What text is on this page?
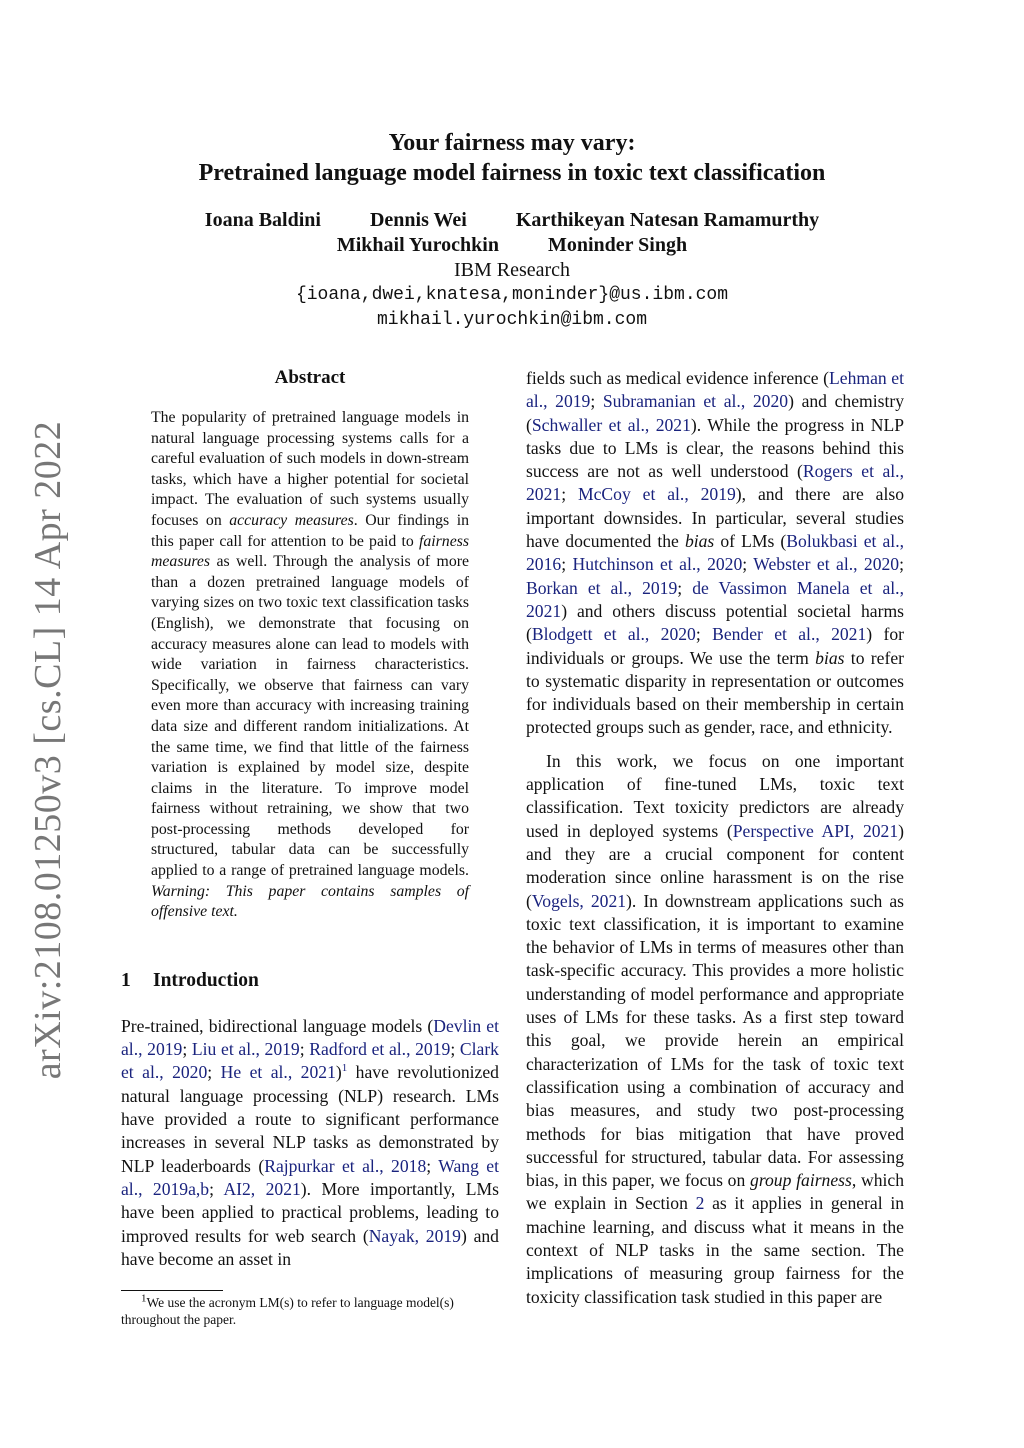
arXiv:2108.01250v3 [cs.CL] 14 Apr 2022
Your fairness may vary:
Pretrained language model fairness in toxic text classification
Ioana Baldini Dennis Wei Karthikeyan Natesan Ramamurthy
Mikhail Yurochkin Moninder Singh
IBM Research
{ioana,dwei,knatesa,moninder}@us.ibm.com
mikhail.yurochkin@ibm.com
Abstract
The popularity of pretrained language models in natural language processing systems calls for a careful evaluation of such models in down-stream tasks, which have a higher potential for societal impact. The evaluation of such systems usually focuses on accuracy measures. Our findings in this paper call for attention to be paid to fairness measures as well. Through the analysis of more than a dozen pretrained language models of varying sizes on two toxic text classification tasks (English), we demonstrate that focusing on accuracy measures alone can lead to models with wide variation in fairness characteristics. Specifically, we observe that fairness can vary even more than accuracy with increasing training data size and different random initializations. At the same time, we find that little of the fairness variation is explained by model size, despite claims in the literature. To improve model fairness without retraining, we show that two post-processing methods developed for structured, tabular data can be successfully applied to a range of pretrained language models. Warning: This paper contains samples of offensive text.
1 Introduction

Pre-trained, bidirectional language models (Devlin et al., 2019; Liu et al., 2019; Radford et al., 2019; Clark et al., 2020; He et al., 2021)$^1$ have revolutionized natural language processing (NLP) research. LMs have provided a route to significant performance increases in several NLP tasks as demonstrated by NLP leaderboards (Rajpurkar et al., 2018; Wang et al., 2019a,b; AI2, 2021). More importantly, LMs have been applied to practical problems, leading to improved results for web search (Nayak, 2019) and have become an asset in

$^1$We use the acronym LM(s) to refer to language model(s) throughout the paper.

fields such as medical evidence inference (Lehman et al., 2019; Subramanian et al., 2020) and chemistry (Schwaller et al., 2021). While the progress in NLP tasks due to LMs is clear, the reasons behind this success are not as well understood (Rogers et al., 2021; McCoy et al., 2019), and there are also important downsides. In particular, several studies have documented the bias of LMs (Bolukbasi et al., 2016; Hutchinson et al., 2020; Webster et al., 2020; Borkan et al., 2019; de Vassimon Manela et al., 2021) and others discuss potential societal harms (Blodgett et al., 2020; Bender et al., 2021) for individuals or groups. We use the term bias to refer to systematic disparity in representation or outcomes for individuals based on their membership in certain protected groups such as gender, race, and ethnicity.

In this work, we focus on one important application of fine-tuned LMs, toxic text classification. Text toxicity predictors are already used in deployed systems (Perspective API, 2021) and they are a crucial component for content moderation since online harassment is on the rise (Vogels, 2021). In downstream applications such as toxic text classification, it is important to examine the behavior of LMs in terms of measures other than task-specific accuracy. This provides a more holistic understanding of model performance and appropriate uses of LMs for these tasks. As a first step toward this goal, we provide herein an empirical characterization of LMs for the task of toxic text classification using a combination of accuracy and bias measures, and study two post-processing methods for bias mitigation that have proved successful for structured, tabular data. For assessing bias, in this paper, we focus on group fairness, which we explain in Section 2 as it applies in general in machine learning, and discuss what it means in the context of NLP tasks in the same section. The implications of measuring group fairness for the toxicity classification task studied in this paper are
